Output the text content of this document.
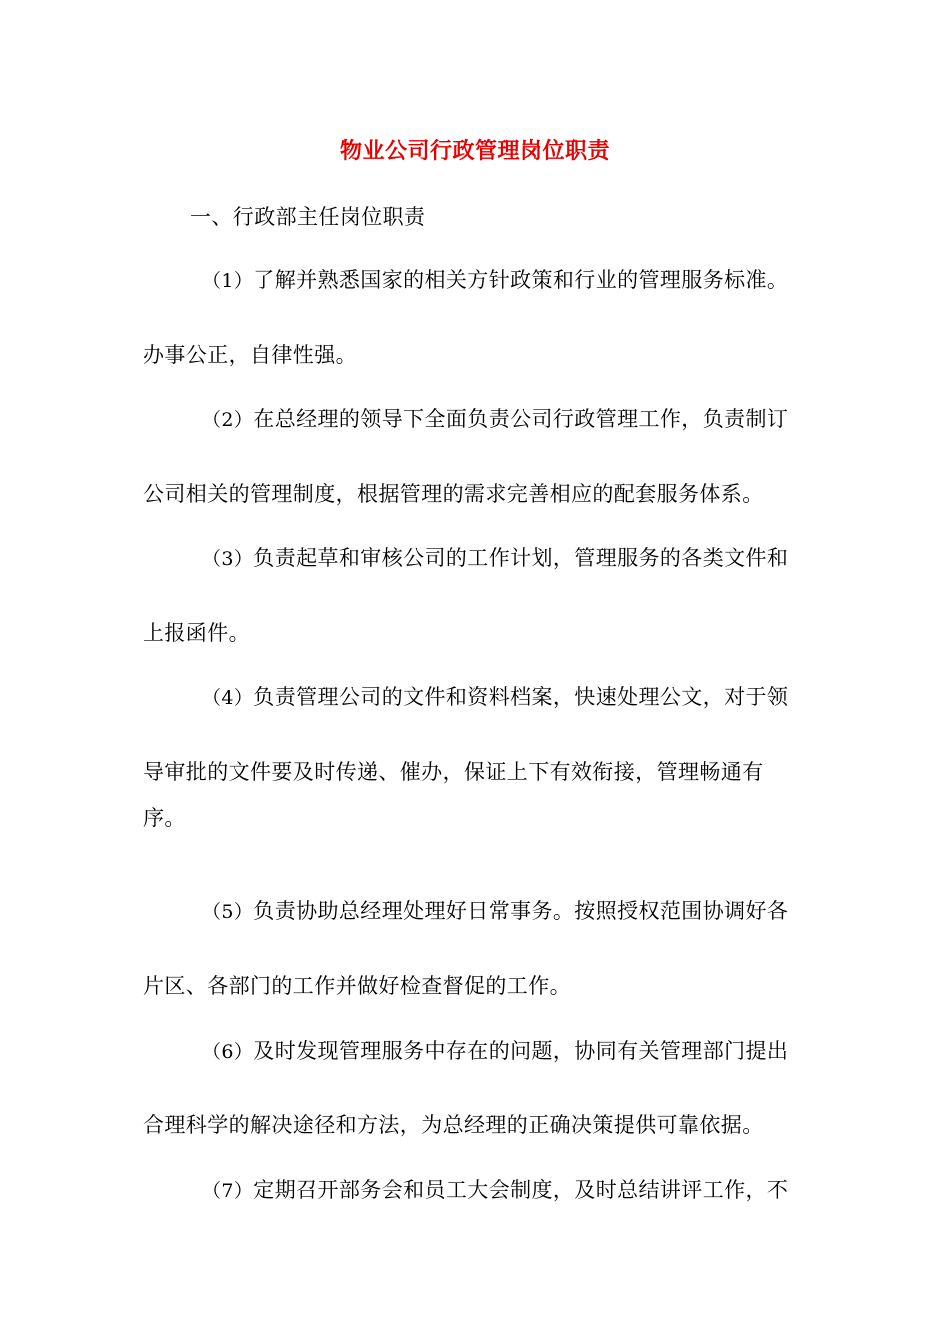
物业公司行政管理岗位职责
一、行政部主任岗位职责
（1）了解并熟悉国家的相关方针政策和行业的管理服务标准。
办事公正，自律性强。
（2）在总经理的领导下全面负责公司行政管理工作，负责制订
公司相关的管理制度，根据管理的需求完善相应的配套服务体系。
（3）负责起草和审核公司的工作计划，管理服务的各类文件和
上报函件。
（4）负责管理公司的文件和资料档案，快速处理公文，对于领
导审批的文件要及时传递、催办，保证上下有效衔接，管理畅通有
序。
（5）负责协助总经理处理好日常事务。按照授权范围协调好各
片区、各部门的工作并做好检查督促的工作。
（6）及时发现管理服务中存在的问题，协同有关管理部门提出
合理科学的解决途径和方法，为总经理的正确决策提供可靠依据。
（7）定期召开部务会和员工大会制度，及时总结讲评工作，不
